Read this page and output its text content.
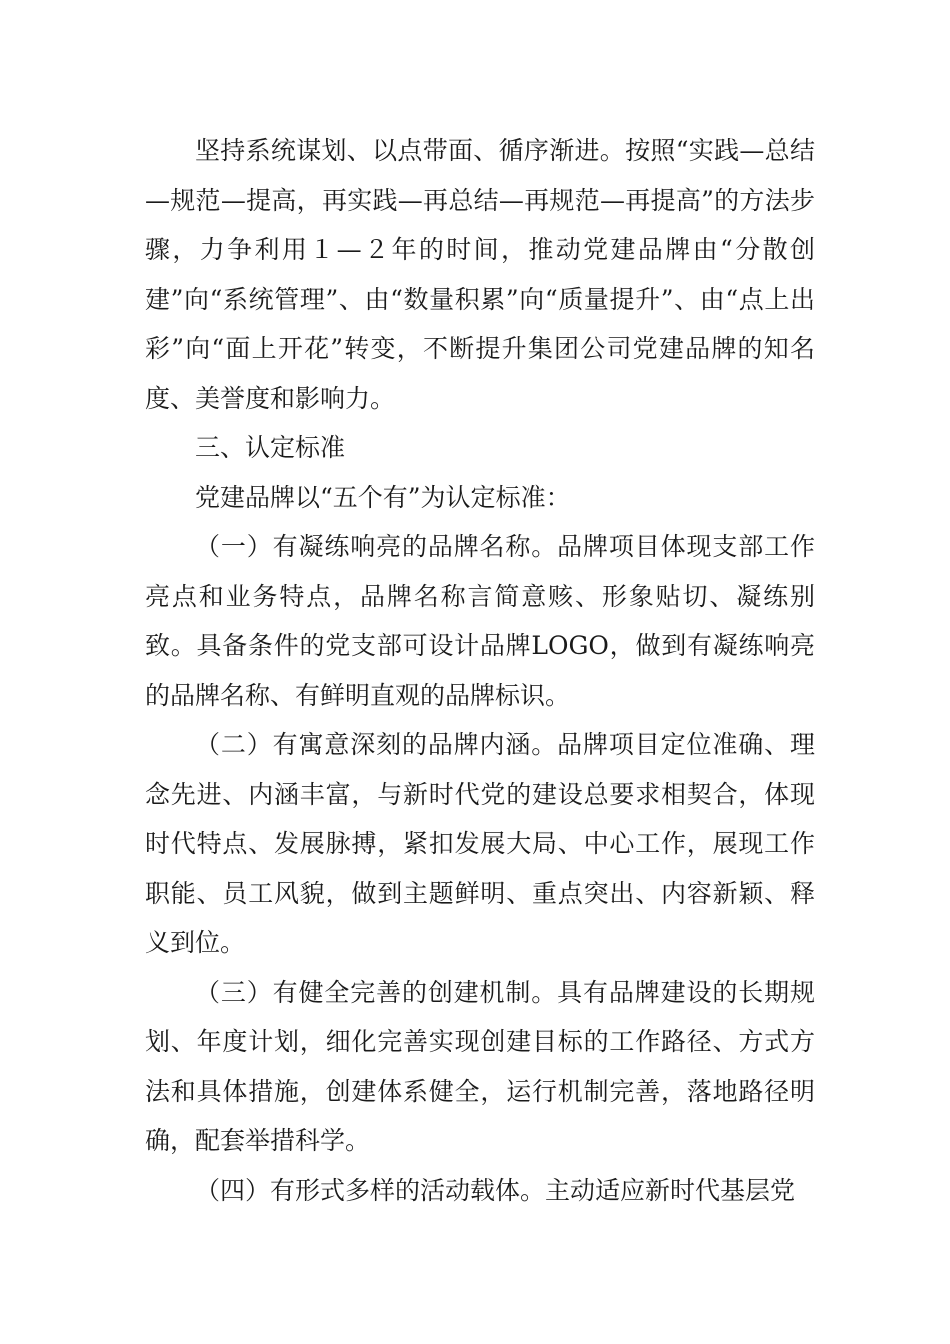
坚持系统谋划、以点带面、循序渐进。按照“实践—总结—规范—提高，再实践—再总结—再规范—再提高”的方法步骤，力争利用１—２年的时间，推动党建品牌由“分散创建”向“系统管理”、由“数量积累”向“质量提升”、由“点上出彩”向“面上开花”转变，不断提升集团公司党建品牌的知名度、美誉度和影响力。

三、认定标准

党建品牌以“五个有”为认定标准：

（一）有凝练响亮的品牌名称。品牌项目体现支部工作亮点和业务特点，品牌名称言简意赅、形象贴切、凝练别致。具备条件的党支部可设计品牌LOGO，做到有凝练响亮的品牌名称、有鲜明直观的品牌标识。

（二）有寓意深刻的品牌内涵。品牌项目定位准确、理念先进、内涵丰富，与新时代党的建设总要求相契合，体现时代特点、发展脉搏，紧扣发展大局、中心工作，展现工作职能、员工风貌，做到主题鲜明、重点突出、内容新颖、释义到位。

（三）有健全完善的创建机制。具有品牌建设的长期规划、年度计划，细化完善实现创建目标的工作路径、方式方法和具体措施，创建体系健全，运行机制完善，落地路径明确，配套举措科学。

（四）有形式多样的活动载体。主动适应新时代基层党
